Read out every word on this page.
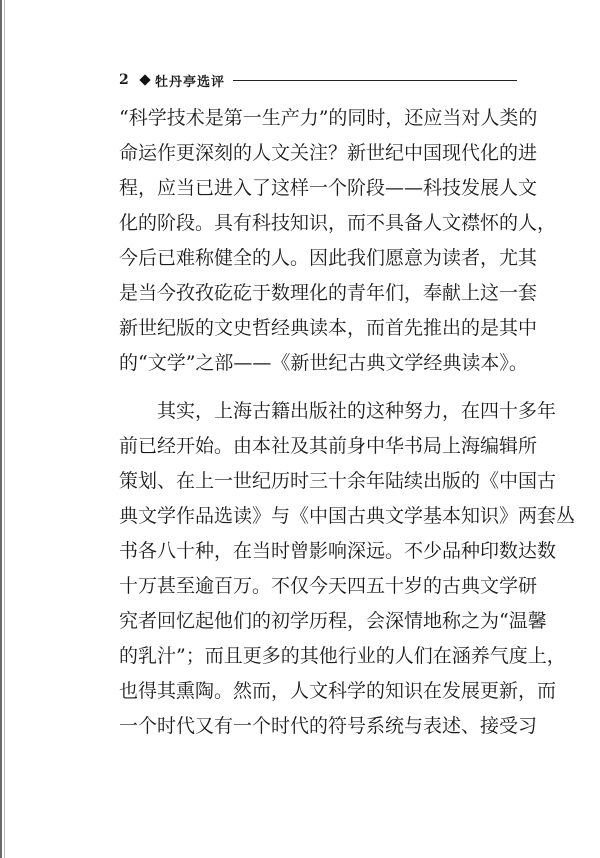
2	牡丹亭选评
“科学技术是第一生产力”的同时，还应当对人类的
命运作更深刻的人文关注？新世纪中国现代化的进
程，应当已进入了这样一个阶段——科技发展人文
化的阶段。具有科技知识，而不具备人文襟怀的人，
今后已难称健全的人。因此我们愿意为读者，尤其
是当今孜孜矻矻于数理化的青年们，奉献上这一套
新世纪版的文史哲经典读本，而首先推出的是其中
的“文学”之部——《新世纪古典文学经典读本》。
　　其实，上海古籍出版社的这种努力，在四十多年
前已经开始。由本社及其前身中华书局上海编辑所
策划、在上一世纪历时三十余年陆续出版的《中国古
典文学作品选读》与《中国古典文学基本知识》两套丛
书各八十种，在当时曾影响深远。不少品种印数达数
十万甚至逾百万。不仅今天四五十岁的古典文学研
究者回忆起他们的初学历程，会深情地称之为“温馨
的乳汁”；而且更多的其他行业的人们在涵养气度上，
也得其熏陶。然而，人文科学的知识在发展更新，而
一个时代又有一个时代的符号系统与表述、接受习
